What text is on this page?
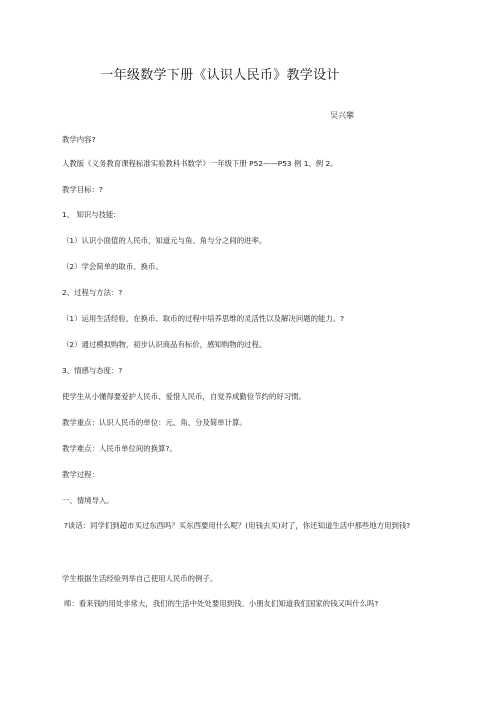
一年级数学下册《认识人民币》教学设计
吴兴攀
教学内容?
人教版《义务教育课程标准实验教科书数学》一年级下册 P52——P53 例 1、例 2。
教学目标：?
1、 知识与技能:
（1）认识小面值的人民币，知道元与角、角与分之间的进率。
（2）学会简单的取币、换币。
2、过程与方法：?
（1）运用生活经验，在换币、取币的过程中培养思维的灵活性以及解决问题的能力。?
（2）通过模拟购物，初步认识商品有标价，感知购物的过程。
3、情感与态度：?
使学生从小懂得要爱护人民币、爱惜人民币，自觉养成勤俭节约的好习惯。
教学重点：认识人民币的单位：元、角、分及简单计算。
教学难点：人民币单位间的换算?。
教学过程：
一、情境导入。
?谈话：同学们到超市买过东西吗？买东西要用什么呢？(用钱去买)对了，你还知道生活中那些地方用到钱?
学生根据生活经验列举自己使用人民币的例子。
师：看来钱的用处非常大，我们的生活中处处要用到钱。小朋友们知道我们国家的钱又叫什么吗?
